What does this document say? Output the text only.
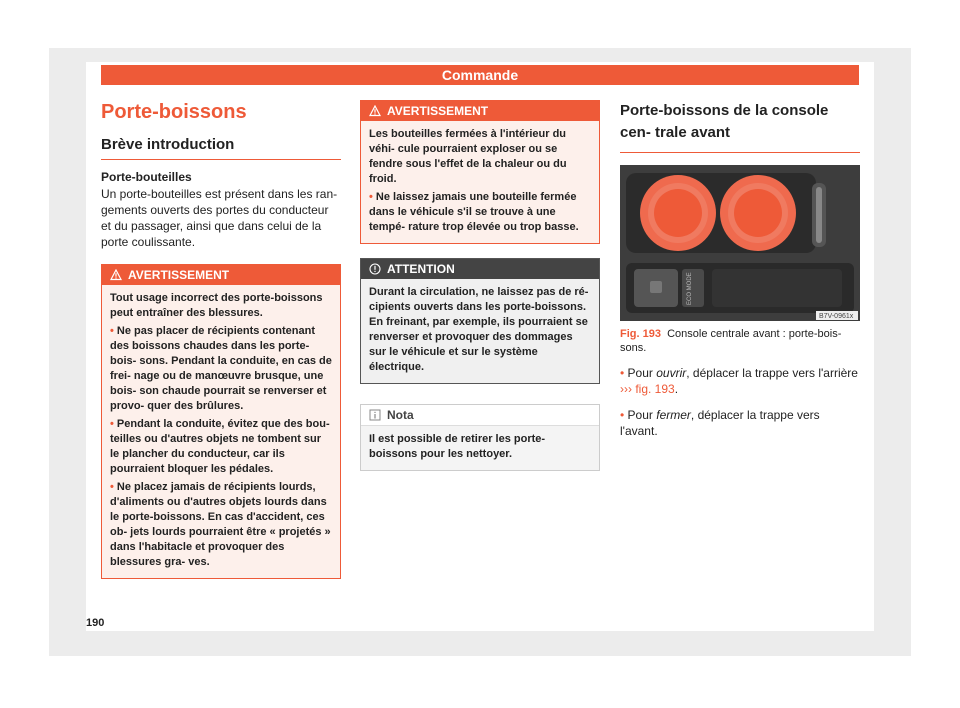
Commande
Porte-boissons
Brève introduction
Porte-bouteilles

Un porte-bouteilles est présent dans les ran- gements ouverts des portes du conducteur et du passager, ainsi que dans celui de la porte coulissante.

AVERTISSEMENT
Tout usage incorrect des porte-boissons peut entraîner des blessures.
• Ne pas placer de récipients contenant des boissons chaudes dans les porte-bois- sons. Pendant la conduite, en cas de frei- nage ou de manœuvre brusque, une bois- son chaude pourrait se renverser et provo- quer des brûlures.
• Pendant la conduite, évitez que des bou- teilles ou d'autres objets ne tombent sur le plancher du conducteur, car ils pourraient bloquer les pédales.
• Ne placez jamais de récipients lourds, d'aliments ou d'autres objets lourds dans le porte-boissons. En cas d'accident, ces ob- jets lourds pourraient être « projetés » dans l'habitacle et provoquer des blessures gra- ves.
AVERTISSEMENT
Les bouteilles fermées à l'intérieur du véhi- cule pourraient exploser ou se fendre sous l'effet de la chaleur ou du froid.
• Ne laissez jamais une bouteille fermée dans le véhicule s'il se trouve à une tempé- rature trop élevée ou trop basse.
ATTENTION
Durant la circulation, ne laissez pas de ré- cipients ouverts dans les porte-boissons. En freinant, par exemple, ils pourraient se renverser et provoquer des dommages sur le véhicule et sur le système électrique.
Nota
Il est possible de retirer les porte-boissons pour les nettoyer.
Porte-boissons de la console cen- trale avant
ECO MODE
B7V-0961x
Fig. 193 Console centrale avant : porte-bois- sons.

• Pour ouvrir, déplacer la trappe vers l'arrière ››› fig. 193.

• Pour fermer, déplacer la trappe vers l'avant.

190
